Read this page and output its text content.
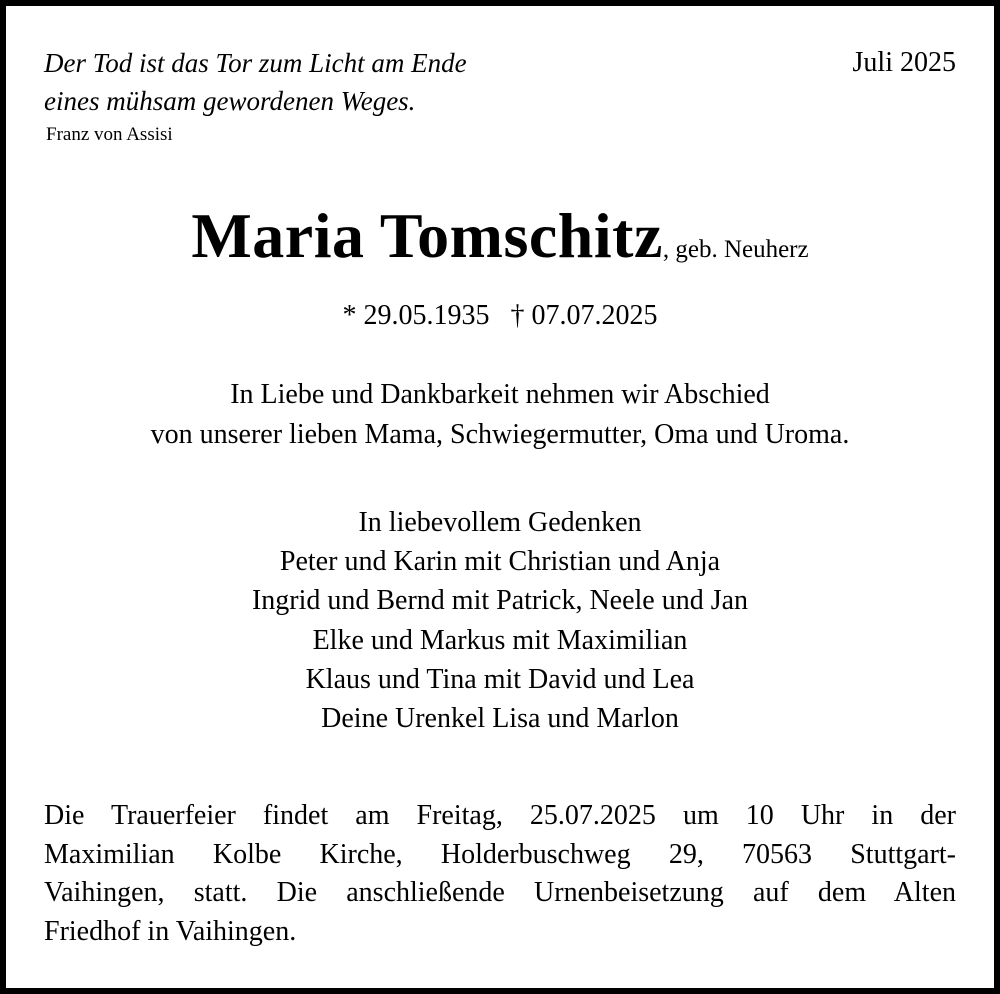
Der Tod ist das Tor zum Licht am Ende
eines mühsam gewordenen Weges.
Franz von Assisi
Juli 2025
Maria Tomschitz, geb. Neuherz
* 29.05.1935 † 07.07.2025
In Liebe und Dankbarkeit nehmen wir Abschied
von unserer lieben Mama, Schwiegermutter, Oma und Uroma.
In liebevollem Gedenken
Peter und Karin mit Christian und Anja
Ingrid und Bernd mit Patrick, Neele und Jan
Elke und Markus mit Maximilian
Klaus und Tina mit David und Lea
Deine Urenkel Lisa und Marlon
Die Trauerfeier findet am Freitag, 25.07.2025 um 10 Uhr in der
Maximilian Kolbe Kirche, Holderbuschweg 29, 70563 Stuttgart-
Vaihingen, statt. Die anschließende Urnenbeisetzung auf dem Alten
Friedhof in Vaihingen.
